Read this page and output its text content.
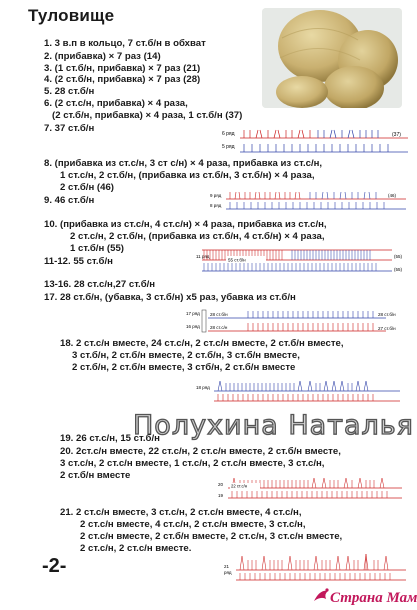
Туловище
1. 3 в.п в кольцо, 7 ст.б/н в обхват
2. (прибавка) × 7 раз (14)
3. (1 ст.б/н, прибавка) × 7 раз (21)
4. (2 ст.б/н, прибавка) × 7 раз (28)
5. 28 ст.б/н
6. (2 ст.с/н, прибавка) × 4 раза,
(2 ст.б/н, прибавка) × 4 раза, 1 ст.б/н (37)
7. 37 ст.б/н	6 ряд
5 ряд
(37)
8. (прибавка из ст.с/н, 3 ст с/н) × 4 раза, прибавка из ст.с/н,
1 ст.с/н, 2 ст.б/н, (прибавка из ст.б/н, 3 ст.б/н) × 4 раза,
2 ст.б/н (46)
9. 46 ст.б/н	9 ряд
8 ряд
(46)
10. (прибавка из ст.с/н, 4 ст.с/н) × 4 раза, прибавка из ст.с/н,
2 ст.с/н, 2 ст.б/н, (прибавка из ст.б/н, 4 ст.б/н) × 4 раза,
1 ст.б/н (55)
11-12. 55 ст.б/н	11 ряд
55 ст.б/н
(55)
(55)
13-16. 28 ст.с/н,27 ст.б/н
17. 28 ст.б/н, (убавка, 3 ст.б/н) х5 раз, убавка из ст.б/н
17 ряд
16 ряд
28 ст.б/н
28 ст.с/н
28 ст.б/н
27 ст.б/н
18. 2 ст.с/н вместе, 24 ст.с/н, 2 ст.с/н вместе, 2 ст.б/н вместе,
3 ст.б/н, 2 ст.б/н вместе, 2 ст.б/н, 3 ст.б/н вместе,
2 ст.б/н, 2 ст.б/н вместе, 3 стб/н, 2 ст.б/н вместе
18 ряд
Полухина Наталья
19. 26 ст.с/н, 15 ст.б/н
20. 2ст.с/н вместе, 22 ст.с/н, 2 ст.с/н вместе, 2 ст.б/н вместе,
3 ст.с/н, 2 ст.с/н вместе, 1 ст.с/н, 2 ст.с/н вместе, 3 ст.с/н,
2 ст.б/н вместе
20
19
22 ст.с/н
21. 2 ст.с/н вместе, 3 ст.с/н, 2 ст.с/н вместе, 4 ст.с/н,
2 ст.с/н вместе, 4 ст.с/н, 2 ст.с/н вместе, 3 ст.с/н,
2 ст.с/н вместе, 2 ст.б/н вместе, 2 ст.с/н, 3 ст.с/н вместе,
2 ст.с/н, 2 ст.с/н вместе.
21
ряд
-2-
Страна Мам
